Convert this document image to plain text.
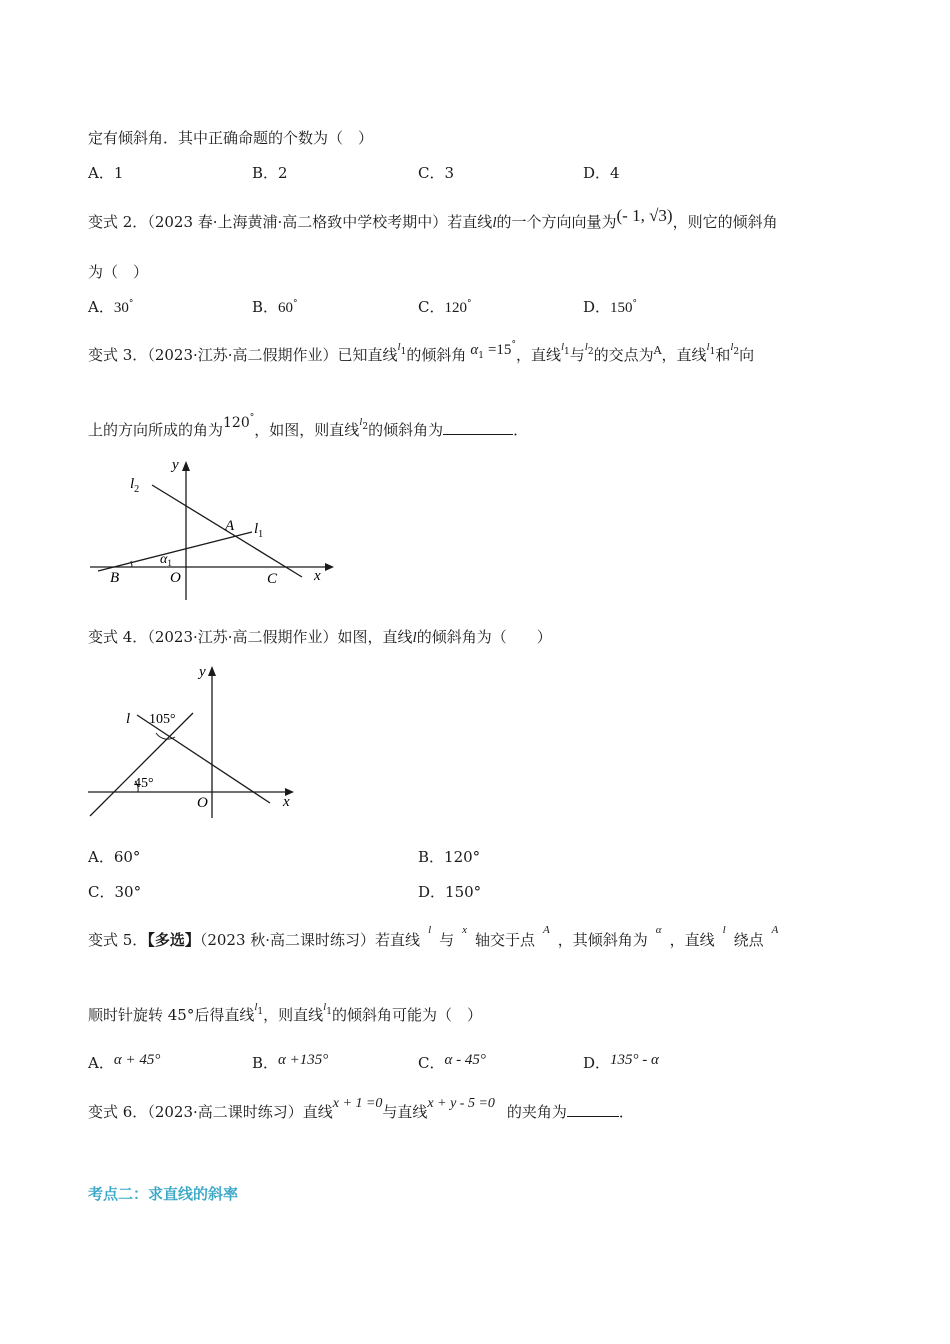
定有倾斜角．其中正确命题的个数为（　）
A．1	B．2	C．3	D．4
变式 2．（2023 春·上海黄浦·高二格致中学校考期中）若直线l的一个方向向量为(- 1, √3)，则它的倾斜角
为（　）
A．30°	B．60°	C．120°	D．150°
变式 3．（2023·江苏·高二假期作业）已知直线$^{l1}$的倾斜角 α1 =15°，直线$^{l1}$与$^{l2}$的交点为$^A$，直线$^{l1}$和$^{l2}$向
上的方向所成的角为120°，如图，则直线$^{l2}$的倾斜角为	．
y
x
$l_2$
A $l_1$
$\alpha_1$
B	O	C
变式 4．（2023·江苏·高二假期作业）如图，直线l的倾斜角为（　　）
y
x
l 105°
45°
O
A．60°	B．120°
C．30°	D．150°
变式 5．【多选】（2023 秋·高二课时练习）若直线$^l$与$^x$轴交于点$^A$，其倾斜角为$^\alpha$，直线$^l$绕点$^A$
顺时针旋转 45°后得直线$^{l1}$，则直线$^{l1}$的倾斜角可能为（　）
A．α + 45°	B．α +135°	C．α - 45°	D．135° - α
变式 6．（2023·高二课时练习）直线x + 1 =0与直线x + y - 5 =0 的夹角为	．
考点二：求直线的斜率
